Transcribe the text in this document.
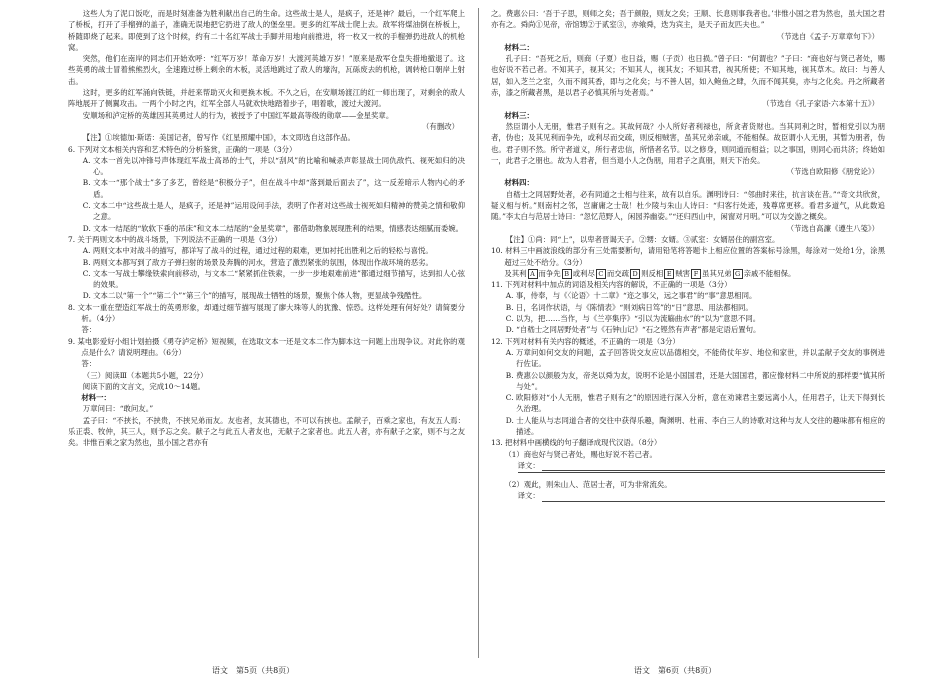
这些人为了泥口饭吃，而是时刻准备为胜利献出自己的生命。这些战士是人，是疯子，还是神？最后，一个红军爬上了桥板，打开了手榴弹的盖子，准确无误地把它扔进了敌人的堡垒里。更多的红军战士爬上去。敌军将煤油倒在桥板上，桥随即烧了起来。即使到了这个时候，约有二十名红军战士手脚并用地向前推进，将一枚又一枚的手榴弹扔进敌人的机枪窝。

突然，他们在南岸的同志们开始欢呼：“红军万岁！革命万岁！大渡河英雄万岁！”原来是敌军仓皇失措地撤退了。这些英勇的战士冒着熊熊烈火，全速跑过桥上剩余的木板，灵活地跳过了敌人的壕沟，瓦砾废去的机枪，调转枪口朝岸上射击。

这时，更多的红军涌向铁链，并赶来帮助灭火和更换木板。不久之后，在安顺场渡江的红一师出现了，对剩余的敌人阵地展开了侧翼攻击。一两个小时之内，红军全部人马就欢快地踏着步子，唱着歌，渡过大渡河。

安顺场和泸定桥的英雄因其英勇过人的行为，被授予了中国红军最高等级的勋章——金星奖章。

（有删改）

【注】①埃德加·斯诺：美国记者，曾写作《红星照耀中国》，本文即选自这部作品。

6. 下列对文本相关内容和艺术特色的分析鉴赏，正确的一项是（3分）

A. 文本一首先以冲锋号声体现红军战士高昂的士气，并以“刮风”的比喻和喊杀声彰显战士同仇敌忾、视死如归的决心。

B. 文本一“那个战士”多了多艺，曾经是“积极分子”，但在战斗中却“落到最后面去了”，这一反差暗示人物内心的矛盾。

C. 文本二中“这些战士是人，是疯子，还是神”运用设问手法，表明了作者对这些战士视死如归精神的赞美之情和敬仰之意。

D. 文本一结尾的“软软下垂的吊床”和文本二结尾的“金星奖章”，都借助物象展现胜利的结果，情感表达细腻而委婉。

7. 关于两则文本中的战斗场景，下列说法不正确的一项是（3分）

A. 两则文本中对战斗的描写，都详写了战斗的过程，通过过程的艰难，更加衬托出胜利之后的轻松与喜悦。

B. 两则文本都写到了敌方子弹扫射的场景及奔腾的河水，营造了激烈紧张的氛围，体现出作战环境的恶劣。

C. 文本一写战士攀缘铁索向前移动，与文本二“紧紧抓住铁索，一步一步地艰难前进”都通过细节描写，达到扣人心弦的效果。

D. 文本二以“第一个”“第二个”“第三个”的描写，展现战士牺牲的场景，聚焦个体人物，更显战争残酷性。

8. 文本一重在塑造红军战士的英勇形象，却通过细节描写展现了廖大珠等人的犹豫、惊恐。这样处理有何好处？请简要分析。（4分）

答：

9. 某电影爱好小组计划拍摄《勇夺泸定桥》短视频，在选取文本一还是文本二作为脚本这一问题上出现争议。对此你的观点是什么？请说明理由。（6分）

答：

（三）阅读Ⅲ（本题共5小题，22分）

阅读下面的文言文，完成10～14题。

材料一：

万章问曰：“敢问友。”

孟子曰：“不挟长，不挟贵，不挟兄弟而友。友也者，友其德也，不可以有挟也。孟献子，百乘之家也，有友五人焉：乐正裘、牧仲，其三人，则予忘之矣。献子之与此五人者友也，无献子之家者也。此五人者，亦有献子之家，则不与之友矣。非惟百乘之家为然也，虽小国之君亦有

之。费惠公曰：‘吾于子思，则师之矣；吾于颜般，则友之矣；王顺、长息则事我者也。’非惟小国之君为然也，虽大国之君亦有之。舜尚①见帝，帝馆甥②于贰室③，亦飨舜，迭为宾主，是天子而友匹夫也。”

（节选自《孟子·万章章句下》）

材料二：

孔子曰：“吾死之后，则商（子夏）也日益，赐（子贡）也日损。”曾子曰：“何谓也？”子曰：“商也好与贤己者处，赐也好说不若己者。不知其子，视其父；不知其人，视其友；不知其君，视其所使；不知其地，视其草木。故曰：与善人居，如入芝兰之室，久而不闻其香，即与之化矣；与不善人居，如入鲍鱼之肆，久而不闻其臭，亦与之化矣。丹之所藏者赤，漆之所藏者黑，是以君子必慎其所与处者焉。”

（节选自《孔子家语·六本第十五》）

材料三：

然臣谓小人无朋，惟君子则有之。其故何哉？小人所好者利禄也，所贪者货财也。当其同利之时，暂相党引以为朋者，伪也；及其见利而争先，或利尽而交疏，则反相贼害，虽其兄弟亲戚，不能相保。故臣谓小人无朋，其暂为朋者，伪也。君子则不然。所守者道义，所行者忠信，所惜者名节。以之修身，则同道而相益；以之事国，则同心而共济；终始如一，此君子之朋也。故为人君者，但当退小人之伪朋，用君子之真朋，则天下治矣。

（节选自欧阳修《朋党论》）

材料四：

自嵇士之同居野处者，必有同道之士相与往来，故有以自乐。渊明诗曰：“邻曲时来往，抗言谈在昔。”“奇文共欣赏，疑义相与析。”则南村之邻，岂庸庸之士哉！杜少陵与朱山人诗曰：“归客行处迹，残尊席更移。看君多道气，从此数追随。”李太白与范居士诗曰：“忽忆范野人，闲园养幽姿。”“还归西山中，闲窗对月明。”可以为交游之概矣。

（节选自高濂《遵生八笺》）

【注】①尚：同“上”，以卑者晋谒天子。②甥：女婿。③贰室：女婿居住的副宫室。

10. 材料三中画波浪线的部分有三处需要断句，请用铅笔将答题卡上相应位置的答案标号涂黑，每涂对一处给1分，涂黑超过三处不给分。（3分）

及其利 A 而争先 B 或利尽 C 而交疏 D 则反相 E 贼害 F 虽其兄弟 G 亲戚不能相保。

11. 下列对材料中加点的词语及相关内容的解说，不正确的一项是（3分）

A. 事，侍奉，与《〈论语〉十二章》“迩之事父，远之事君”的“事”意思相同。

B. 日，名词作状语，与《陈情表》“则刘病日笃”的“日”意思、用法都相同。

C. 以为，把……当作，与《兰亭集序》“引以为流觞曲水”的“以为”意思不同。

D. “自嵇士之同居野处者”与《石钟山记》“石之铿然有声者”都是定语后置句。

12. 下列对材料有关内容的概述，不正确的一项是（3分）

A. 万章问如何交友的问题，孟子回答说交友应以品德相交，不能倚仗年岁、地位和家世，并以孟献子交友的事例进行佐证。

B. 费惠公以颜般为友，帝尧以舜为友，说明不论是小国国君，还是大国国君，都应像材料二中所说的那样要“慎其所与处”。

C. 欧阳修对“小人无朋，惟君子则有之”的原因进行深入分析，意在劝谏君主要远离小人，任用君子，让天下得到长久治理。

D. 士人能从与志同道合者的交往中获得乐趣，陶渊明、杜甫、李白三人的诗歌对这种与友人交往的趣味都有相应的描述。

13. 把材料中画横线的句子翻译成现代汉语。（8分）

（1）商也好与贤己者处，赐也好说不若己者。

译文：

（2）观此，则朱山人、范居士者，可为非常流矣。

译文：
语文　第5页（共8页）	语文　第6页（共8页）
